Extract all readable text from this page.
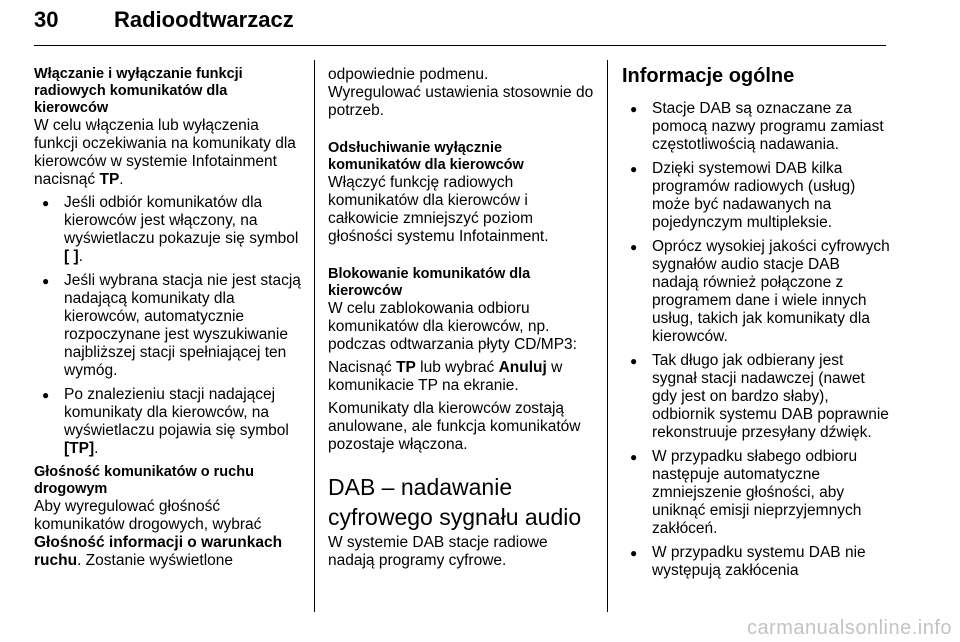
30	Radioodtwarzacz
Włączanie i wyłączanie funkcji radiowych komunikatów dla kierowców
W celu włączenia lub wyłączenia funkcji oczekiwania na komunikaty dla kierowców w systemie Infotainment nacisnąć TP.
● Jeśli odbiór komunikatów dla kierowców jest włączony, na wyświetlaczu pokazuje się symbol [ ].
● Jeśli wybrana stacja nie jest stacją nadającą komunikaty dla kierowców, automatycznie rozpoczynane jest wyszukiwanie najbliższej stacji spełniającej ten wymóg.
● Po znalezieniu stacji nadającej komunikaty dla kierowców, na wyświetlaczu pojawia się symbol [TP].
Głośność komunikatów o ruchu drogowym
Aby wyregulować głośność komunikatów drogowych, wybrać Głośność informacji o warunkach ruchu. Zostanie wyświetlone
odpowiednie podmenu.
Wyregulować ustawienia stosownie do potrzeb.
Odsłuchiwanie wyłącznie komunikatów dla kierowców
Włączyć funkcję radiowych komunikatów dla kierowców i całkowicie zmniejszyć poziom głośności systemu Infotainment.
Blokowanie komunikatów dla kierowców
W celu zablokowania odbioru komunikatów dla kierowców, np. podczas odtwarzania płyty CD/MP3:
Nacisnąć TP lub wybrać Anuluj w komunikacie TP na ekranie.
Komunikaty dla kierowców zostają anulowane, ale funkcja komunikatów pozostaje włączona.
DAB – nadawanie
cyfrowego sygnału audio
W systemie DAB stacje radiowe nadają programy cyfrowe.
Informacje ogólne
● Stacje DAB są oznaczane za pomocą nazwy programu zamiast częstotliwością nadawania.
● Dzięki systemowi DAB kilka programów radiowych (usług) może być nadawanych na pojedynczym multipleksie.
● Oprócz wysokiej jakości cyfrowych sygnałów audio stacje DAB nadają również połączone z programem dane i wiele innych usług, takich jak komunikaty dla kierowców.
● Tak długo jak odbierany jest sygnał stacji nadawczej (nawet gdy jest on bardzo słaby), odbiornik systemu DAB poprawnie rekonstruuje przesyłany dźwięk.
● W przypadku słabego odbioru następuje automatyczne zmniejszenie głośności, aby uniknąć emisji nieprzyjemnych zakłóceń.
● W przypadku systemu DAB nie występują zakłócenia
carmanualsonline.info
